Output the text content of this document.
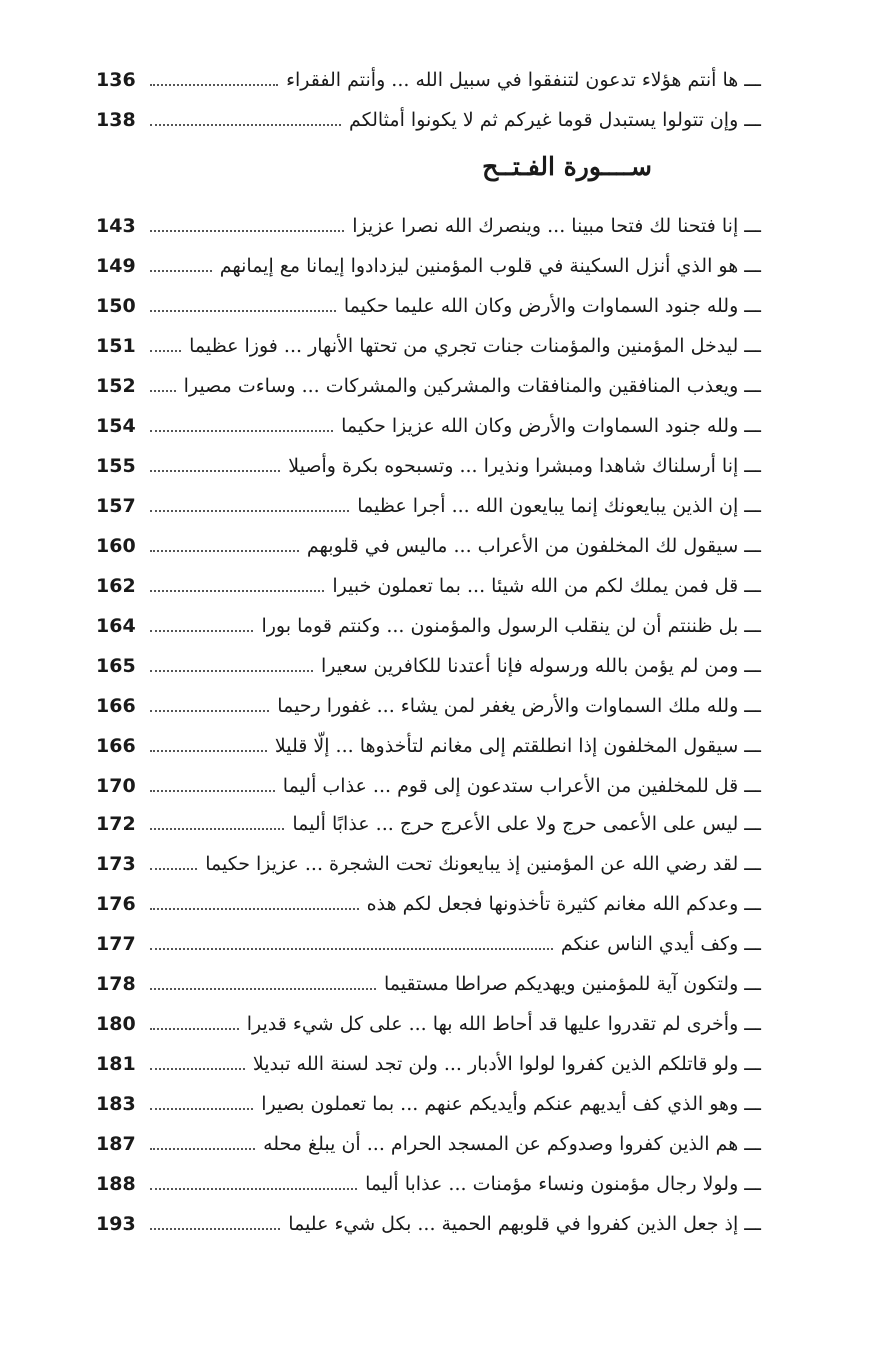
ـــ ها أنتم هؤلاء تدعون لتنفقوا في سبيل الله ... وأنتم الفقراء
136
ـــ وإن تتولوا يستبدل قوما غيركم ثم لا يكونوا أمثالكم
138
ســــورة الفـتــح
ـــ إنا فتحنا لك فتحا مبينا ... وينصرك الله نصرا عزيزا
143
ـــ هو الذي أنزل السكينة في قلوب المؤمنين ليزدادوا إيمانا مع إيمانهم
149
ـــ ولله جنود السماوات والأرض وكان الله عليما حكيما
150
ـــ ليدخل المؤمنين والمؤمنات جنات تجري من تحتها الأنهار ... فوزا عظيما
151
ـــ ويعذب المنافقين والمنافقات والمشركين والمشركات ... وساءت مصيرا
152
ـــ ولله جنود السماوات والأرض وكان الله عزيزا حكيما
154
ـــ إنا أرسلناك شاهدا ومبشرا ونذيرا ... وتسبحوه بكرة وأصيلا
155
ـــ إن الذين يبايعونك إنما يبايعون الله ... أجرا عظيما
157
ـــ سيقول لك المخلفون من الأعراب ... ماليس في قلوبهم
160
ـــ قل فمن يملك لكم من الله شيئا ... بما تعملون خبيرا
162
ـــ بل ظننتم أن لن ينقلب الرسول والمؤمنون ... وكنتم قوما بورا
164
ـــ ومن لم يؤمن بالله ورسوله فإنا أعتدنا للكافرين سعيرا
165
ـــ ولله ملك السماوات والأرض يغفر لمن يشاء ... غفورا رحيما
166
ـــ سيقول المخلفون إذا انطلقتم إلى مغانم لتأخذوها ... إلّا قليلا
166
ـــ قل للمخلفين من الأعراب ستدعون إلى قوم ... عذاب أليما
170
ـــ ليس على الأعمى حرج ولا على الأعرج حرج ... عذابًا أليما
172
ـــ لقد رضي الله عن المؤمنين إذ يبايعونك تحت الشجرة ... عزيزا حكيما
173
ـــ وعدكم الله مغانم كثيرة تأخذونها فجعل لكم هذه
176
ـــ وكف أيدي الناس عنكم
177
ـــ ولتكون آية للمؤمنين ويهديكم صراطا مستقيما
178
ـــ وأخرى لم تقدروا عليها قد أحاط الله بها ... على كل شيء قديرا
180
ـــ ولو قاتلكم الذين كفروا لولوا الأدبار ... ولن تجد لسنة الله تبديلا
181
ـــ وهو الذي كف أيديهم عنكم وأيديكم عنهم ... بما تعملون بصيرا
183
ـــ هم الذين كفروا وصدوكم عن المسجد الحرام ... أن يبلغ محله
187
ـــ ولولا رجال مؤمنون ونساء مؤمنات ... عذابا أليما
188
ـــ إذ جعل الذين كفروا في قلوبهم الحمية ... بكل شيء عليما
193
